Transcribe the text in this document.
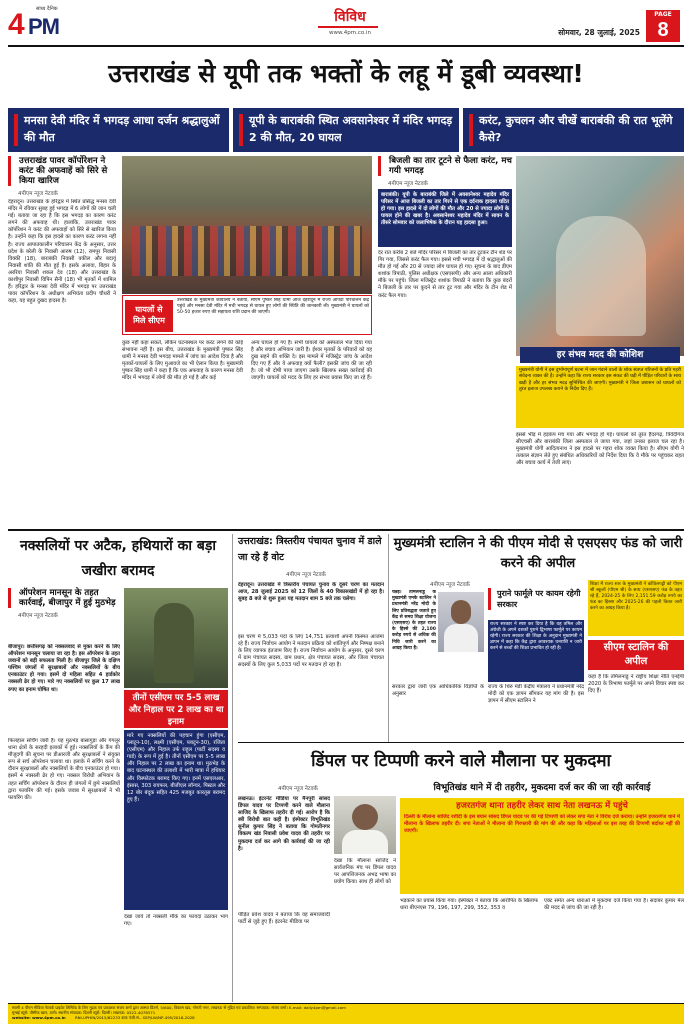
सांध्य दैनिक
4 PM	विविध
www.4pm.co.in	सोमवार, 28 जुलाई, 2025
PAGE
8
उत्तराखंड से यूपी तक भक्तों के लहू में डूबी व्यवस्था!
मनसा देवी मंदिर में भगदड़ आधा दर्जन श्रद्धालुओं की मौत
यूपी के बाराबंकी स्थित अवसानेश्वर में मंदिर भगदड़ 2 की मौत, 20 घायल
करंट, कुचलन और चीखें बाराबंकी की रात भूलेंगे कैसे?
उत्तराखंड पावर कॉर्पोरेशन ने करंट की अफवाहें को सिरे से किया खारिज
4पीएम न्यूज नेटवर्क
देहरादून। उत्तराखंड के हरिद्वार में स्थित प्रसिद्ध मनसा देवी मंदिर में रविवार सुबह हुई भगदड़ में 6 लोगों की जान चली गई। बताया जा रहा है कि इस भगदड़ का कारण करंट लगने की अफवाह थी। हालांकि, उत्तराखंड पावर कॉर्पोरेशन ने करंट की अफवाहों को सिरे से खारिज किया है। उन्होंने कहा कि इस हादसे का कारण करंट लगना नहीं है। राज्य आपातकालीन परिचालन केंद्र के अनुसार, उत्तर प्रदेश के बरेली के निवासी आरुष (12), रामपुर निवासी विक्की (18), बाराबंकी निवासी वकील और बदायूं निवासी शांति की मौत हुई है। इसके अलावा, बिहार के अररिया निवासी शकल देव (18) और उत्तराखंड के काशीपुर निवासी विपिन सैनी (18) भी मृतकों में शामिल हैं। हरिद्वार के मनसा देवी मंदिर में भगदड़ पर उत्तराखंड पावर कॉर्पोरेशन के अधीक्षण अभियंता प्रदीप चौधरी ने कहा, यह बहुत दुखद हादसा है।
घायलों से मिले सीएम
उत्तराखंड के मुख्यमंत्री कार्यालय ने बताया, सीएम पुष्कर सिंह धामी आज देहरादून में राज्य आपदा परिचालन केंद्र पहुंचे और मनसा देवी मंदिर में मची भगदड़ से घायल हुए लोगों की स्थिति की जानकारी ली। मुख्यमंत्री ने घायलों को 50-50 हजार रुपए की सहायता राशि प्रदान की जाएगी।
कुछ नहीं कहा सकते, लेकिन घटनास्थल पर करंट लगने की कोई संभावना नहीं है। इस बीच, उत्तराखंड के मुख्यमंत्री पुष्कर सिंह धामी ने मनसा देवी भगदड़ मामले में जांच का आदेश दिया है और मृतकों-घायलों के लिए मुआवजे का भी ऐलान किया है। मुख्यमंत्री पुष्कर सिंह धामी ने कहा है कि एक अफवाह के कारण मनसा देवी मंदिर में भगदड़ में लोगों की मौत हो गई है और कई
अन्य घायल हो गए हैं। सभी घायलों को अस्पताल भेज दिया गया है और बचाव अभियान जारी है। ईश्वर मृतकों के परिवारों को यह दुख सहने की शक्ति दे। इस मामले में मजिस्ट्रेट जांच के आदेश दिए गए हैं और ये अफवाह क्यों फैली? इसकी जांच की जा रही है। जो भी दोषी पाया जाएगा उसके खिलाफ सख्त कार्रवाई की जाएगी। घायलों को मदद के लिए हर संभव प्रयास किए जा रहे हैं।
बिजली का तार टूटने से फैला करंट, मच गयी भगदड़
4पीएम न्यूज नेटवर्क
बाराबंकी। यूपी के बाराबंकी जिले में अवसानेश्वर महादेव मंदिर परिसर में आज बिजली का तार गिरने से एक दर्दनाक हादसा घटित हो गया। इस हादसे में दो लोगों की मौत और 20 से ज्यादा लोगों के घायल होने की खबर है। अवसानेश्वर महादेव मंदिर में सावन के तीसरे सोमवार को जलाभिषेक के दौरान यह हादसा हुआ।
देर रात करीब 2 बजे मंदिर परिसर में बिजली का तार टूटकर टीन शेड पर गिर गया, जिससे करंट फैल गया। इससे मची भगदड़ में दो श्रद्धालुओं की मौत हो गई और 20 से ज्यादा लोग घायल हो गए। सूचना के बाद डीएम शशांक त्रिपाठी, पुलिस अधीक्षक (एसएसपी) और अन्य आला अधिकारी मौके पर पहुंचे। जिला मजिस्ट्रेट शशांक त्रिपाठी ने बताया कि कुछ बंदरों ने बिजली के तार पर कूदने से तार टूट गया और मंदिर के टीन शेड में करंट फैल गया।
हर संभव मदद की कोशिश
मुख्यमंत्री योगी ने इस दुर्भाग्यपूर्ण घटना में जान गंवाने वालों के शोक संतप्त परिजनों के प्रति गहरी संवेदना व्यक्त की है। उन्होंने कहा कि राज्य सरकार इस संकट की घड़ी में पीड़ित परिवारों के साथ खड़ी है और हर संभव मदद सुनिश्चित की जाएगी। मुख्यमंत्री ने जिला प्रशासन को घायलों को तुरंत इलाज उपलब्ध कराने के निर्देश दिए हैं।
इससे भीड़ में हड़कंप मच गया और भगदड़ हो गई। घायलों को तुरंत हैदरगढ़, त्रिवेदीगंज सीएचसी और बाराबंकी जिला अस्पताल ले जाया गया, जहां उनका इलाज चल रहा है। मुख्यमंत्री योगी आदित्यनाथ ने इस हादसे पर गहरा शोक व्यक्त किया है। सीएम योगी ने तत्काल संज्ञान लेते हुए संबंधित अधिकारियों को निर्देश दिया कि वे मौके पर पहुंचकर राहत और बचाव कार्य में तेजी लाएं।
नक्सलियों पर अटैक, हथियारों का बड़ा जखीरा बरामद
ऑपरेशन मानसून के तहत कार्रवाई, बीजापुर में हुई मुठभेड़
4पीएम न्यूज नेटवर्क
बीजापुर। छत्तीसगढ़ को नक्सलवाद से मुक्त करने के लिए ऑपरेशन मानसून चलाया जा रहा है। इस ऑपरेशन के तहत जवानों को बड़ी सफलता मिली है। बीजापुर जिले के दक्षिण पश्चिम जंगलों में सुरक्षाबलों और नक्सलियों के बीच एनकाउंटर हो गया। इसमें दो महिला सहित 4 हार्डकोर नक्सली ढेर हो गए। मारे गए नक्सलियों पर कुल 17 लाख रुपए का इनाम घोषित था।
फिलहाल सर्चिंग जारी है। यह मुठभेड़ बासागुड़ा और गंगलूर थाना क्षेत्रों के सरहदी इलाकों में हुई। नक्सलियों के कैंप की मौजूदगी की सूचना पर डीआरजी और सुरक्षाबलों ने संयुक्त रूप से सर्च ऑपरेशन चलाया था। इलाके में सर्चिंग करने के दौरान सुरक्षाबलों और नक्सलियों के बीच एनकाउंटर हो गया। इसमें 4 नक्सली ढेर हो गए। नक्सल विरोधी अभियान के तहत सर्चिंग ऑपरेशन के दौरान ही जंगलों में छुपे नक्सलियों द्वारा फायरिंग की गई। इसके जवाब में सुरक्षाबलों ने भी फायरिंग की।
तीनों एसीएम पर 5-5 लाख और निहाल पर 2 लाख का था इनाम
मारे गए नक्सलियों की पहचान हुंगा (एसीएम, प्लाटून-10), लक्ष्मी (एसीएम, प्लाटून-30), रजिता (एसीएम) और निहाल उर्फ राहुल (पार्टी सदस्य व गार्ड) के रूप में हुई है। तीनों एसीएम पर 5-5 लाख और निहाल पर 2 लाख का इनाम था। मुठभेड़ के बाद घटनास्थल की तलाशी में भारी मात्रा में हथियार और विस्फोटक बरामद किए गए। इनमें एसएलआर, इंसास, 303 रायफल, बीजीएल लॉन्चर, पिस्टल और 12 बोर बंदूक सहित 425 मजबूत कारतूस बरामद हुए हैं।
देखा जाये तो नक्सली मौके का फायदा उठाकर भाग गए।
उत्तराखंड: त्रिस्तरीय पंचायत चुनाव में डाले जा रहे हैं वोट
4पीएम न्यूज नेटवर्क
देहरादून। उत्तराखंड में त्रिस्तरीय पंचायत चुनाव के दूसरे चरण का मतदान आज, 28 जुलाई 2025 को 12 जिलों के 40 विकासखंडों में हो रहा है। सुबह 8 बजे से शुरू हुआ यह मतदान शाम 5 बजे तक चलेगा।
इस चरण में 5,033 पदों के लिए 14,751 प्रत्याशी अपनी किस्मत आजमा रहे हैं। राज्य निर्वाचन आयोग ने मतदान प्रक्रिया को शांतिपूर्ण और निष्पक्ष बनाने के लिए व्यापक इंतजाम किए हैं। राज्य निर्वाचन आयोग के अनुसार, दूसरे चरण में ग्राम पंचायत सदस्य, ग्राम प्रधान, क्षेत्र पंचायत सदस्य, और जिला पंचायत सदस्यों के लिए कुल 5,033 पदों पर मतदान हो रहा है।
मुख्यमंत्री स्टालिन ने की पीएम मोदी से एसएसए फंड को जारी करने की अपील
4पीएम न्यूज नेटवर्क
चेन्नई। तमिलनाडु के मुख्यमंत्री एमके स्टालिन ने प्रधानमंत्री नरेंद्र मोदी के लिए प्रतिबद्धता जताते हुए केंद्र से समग्र शिक्षा योजना (एसएसए) के तहत राज्य के हिस्से की 2,100 करोड़ रुपये से अधिक की निधि जारी करने का आग्रह किया है।
सरकार द्वारा जारी एक आधिकारिक विज्ञप्ति के अनुसार
पुराने फार्मूले पर कायम रहेगी सरकार
राज्य सरकार ने स्पष्ट कर दिया है कि वह तमिल और अंग्रेजी के अपने दशकों पुराने द्विभाषा फार्मूले पर कायम रहेगी। राज्य सरकार की शिक्षा के अनुदान मुख्यमंत्री ने ज्ञापन में कहा कि केंद्र द्वारा आवश्यक धनराशि न जारी करने से बच्चों की शिक्षा प्रभावित हो रही है।
राज्य के थिरु मंडी केंद्रीय मंत्रालय ने प्रधानमंत्री नरेंद्र मोदी को एक ज्ञापन सौंपकर यह मांग की है। इस ज्ञापन में सीएम स्टालिन ने
शिक्षा में राज्य स्तर के मुख्यमंत्री ने कोविलपट्टी को पीएम श्री स्कूलों (पीएम श्री) के साथ (एसएसए) फंड के तहत रहे हैं, 2024-25 के लिए 2,151.59 करोड़ रुपये का फंड का हिस्सा और 2025-26 की पहली किस्त जारी करने का आग्रह किया है।
सीएम स्टालिन की अपील
कहा है कि तमिलनाडु ने राष्ट्रीय शिक्षा नीति एनईपी 2020 के त्रिभाषा फार्मूले पर अपने विचार स्पष्ट कर दिए हैं।
डिंपल पर टिप्पणी करने वाले मौलाना पर मुकदमा
विभूतिखंड थाने में दी तहरीर, मुकदमा दर्ज कर की जा रही कार्रवाई
4पीएम न्यूज नेटवर्क
लखनऊ। इंटरनेट मीडिया पर मैनपुरी सांसद डिंपल यादव पर टिप्पणी करने वाले मौलाना साजिद के खिलाफ तहरीर दी गई। आरोप है कि स्त्री विरोधी बात कही है। इंस्पेक्टर विभूतिखंड सुनील कुमार सिंह ने बताया कि गोमतीनगर विकल्प खंड निवासी प्रवेश यादव की तहरीर पर मुकदमा दर्ज कर आगे की कार्रवाई की जा रही है।
पीड़ित प्रवेश यादव ने बताया कि वह समाजवादी पार्टी से जुड़े हुए हैं। इंटरनेट मीडिया पर
देखा कि मौलाना साजिद ने सार्वजनिक मंच पर डिंपल यादव पर आपत्तिजनक अभद्र भाषा का प्रयोग किया। साथ ही लोगों को
हजरतगंज थाना तहरीर लेकर साथ नेता लखनऊ में पहुंचे
दिल्ली के मौलाना साजिद रशीदी के इस बयान सांसद डिंपल यादव पर की गई टिप्पणी को लेकर सपा नेता ने विरोध दर्ज कराया। उन्होंने हजरतगंज थाने में मौलाना के खिलाफ तहरीर दी। सपा नेताओं ने मौलाना की गिरफ्तारी की मांग की और कहा कि महिलाओं पर इस तरह की टिप्पणी बर्दाश्त नहीं की जाएगी।
भड़काने का प्रयास किया गया। इंस्पेक्टर ने बताया कि आरोपित के खिलाफ धारा बीएनएस 79, 196, 197, 299, 352, 353 व
एक्ट समेत अन्य धाराओं में मुकदमा दर्ज किया गया है। सदाबर कुमार मेल की मदद से जांच की जा रही है।
स्वामी 4 पीएम मीडिया नेटवर्क प्राइवेट लिमिटेड के लिए मुद्रक एवं प्रकाशक संजय शर्मा द्वारा आस्था प्रिंटर्स, 5/600, विकास खंड, गोमती नगर, लखनऊ से मुद्रित एवं प्रकाशित। सम्पादक: संजय शर्मा। E-mail: daily4pm@gmail.com
मुम्बई ब्यूरो: तौसीफ खान, ठाणे। स्थानीय संपादक: दिल्ली ब्यूरो: दिल्ली। लखनऊ: 0522-4078371
website: www.4pm.co.in RNI-UPHIN/2015/62233 डाक पंजी.सं.- SSP/LW/NP-495/2016-2028
